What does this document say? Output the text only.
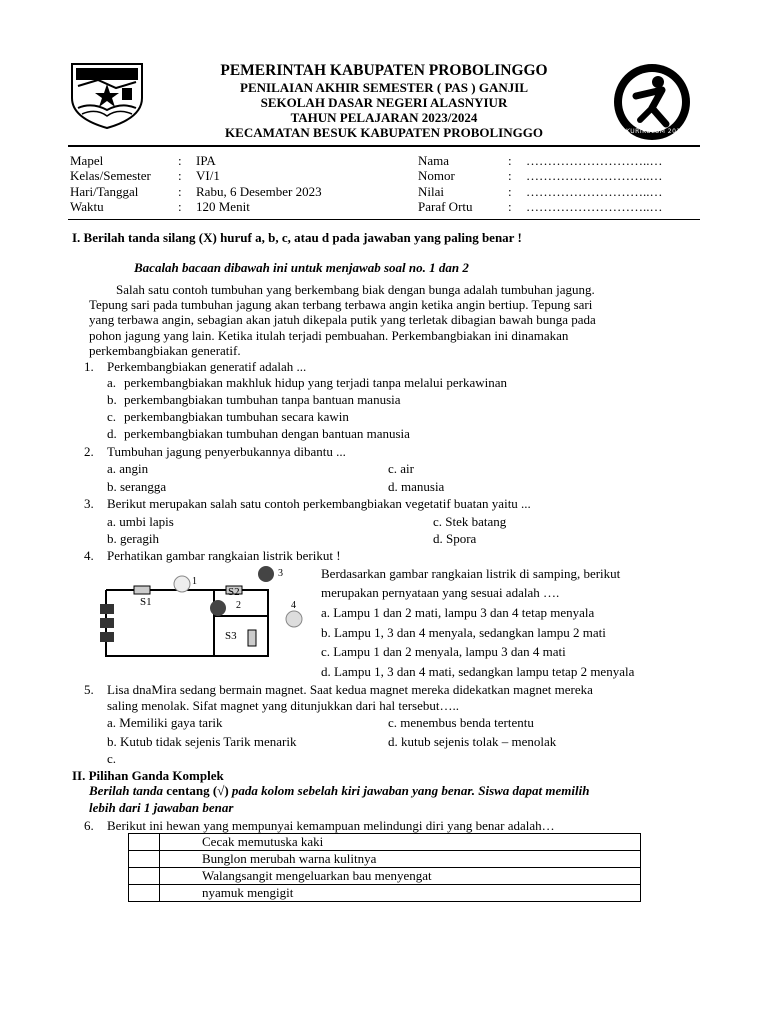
KURIKULUM 2013
PEMERINTAH KABUPATEN PROBOLINGGO
PENILAIAN AKHIR SEMESTER ( PAS ) GANJIL
SEKOLAH DASAR NEGERI ALASNYIUR
TAHUN PELAJARAN 2023/2024
KECAMATAN BESUK KABUPATEN PROBOLINGGO
Mapel	: IPA
Kelas/Semester : VI/1
Hari/Tanggal	: Rabu, 6 Desember 2023
Waktu	: 120 Menit
Nama	: ………………………..…
Nomor	: ………………………..…
Nilai	: ………………………..…
Paraf Ortu	: ………………………..…
I. Berilah tanda silang (X) huruf a, b, c, atau d pada jawaban yang paling benar !
Bacalah bacaan dibawah ini untuk menjawab soal no. 1 dan 2
Salah satu contoh tumbuhan yang berkembang biak dengan bunga adalah tumbuhan jagung.
Tepung sari pada tumbuhan jagung akan terbang terbawa angin ketika angin bertiup. Tepung sari
yang terbawa angin, sebagian akan jatuh dikepala putik yang terletak dibagian bawah bunga pada
pohon jagung yang lain. Ketika itulah terjadi pembuahan. Perkembangbiakan ini dinamakan
perkembangbiakan generatif.
1. Perkembangbiakan generatif adalah ...
a. perkembangbiakan makhluk hidup yang terjadi tanpa melalui perkawinan
b. perkembangbiakan tumbuhan tanpa bantuan manusia
c. perkembangbiakan tumbuhan secara kawin
d. perkembangbiakan tumbuhan dengan bantuan manusia
2. Tumbuhan jagung penyerbukannya dibantu ...
a. angin	c. air
b. serangga	d. manusia
3. Berikut merupakan salah satu contoh perkembangbiakan vegetatif buatan yaitu ...
a. umbi lapis	c. Stek batang
b. geragih	d. Spora
4. Perhatikan gambar rangkaian listrik berikut !
S1
S2
S3
1
2
3
4
Berdasarkan gambar rangkaian listrik di samping, berikut
merupakan pernyataan yang sesuai adalah ….
a. Lampu 1 dan 2 mati, lampu 3 dan 4 tetap menyala
b. Lampu 1, 3 dan 4 menyala, sedangkan lampu 2 mati
c. Lampu 1 dan 2 menyala, lampu 3 dan 4 mati
d. Lampu 1, 3 dan 4 mati, sedangkan lampu tetap 2 menyala
5. Lisa dnaMira sedang bermain magnet. Saat kedua magnet mereka didekatkan magnet mereka
saling menolak. Sifat magnet yang ditunjukkan dari hal tersebut…..
a. Memiliki gaya tarik	c. menembus benda tertentu
b. Kutub tidak sejenis Tarik menarik	d. kutub sejenis tolak – menolak
c.
II. Pilihan Ganda Komplek
Berilah tanda centang (√) pada kolom sebelah kiri jawaban yang benar. Siswa dapat memilih
lebih dari 1 jawaban benar
6. Berikut ini hewan yang mempunyai kemampuan melindungi diri yang benar adalah…
	Cecak memutuska kaki
	Bunglon merubah warna kulitnya
	Walangsangit mengeluarkan bau menyengat
	nyamuk mengigit
